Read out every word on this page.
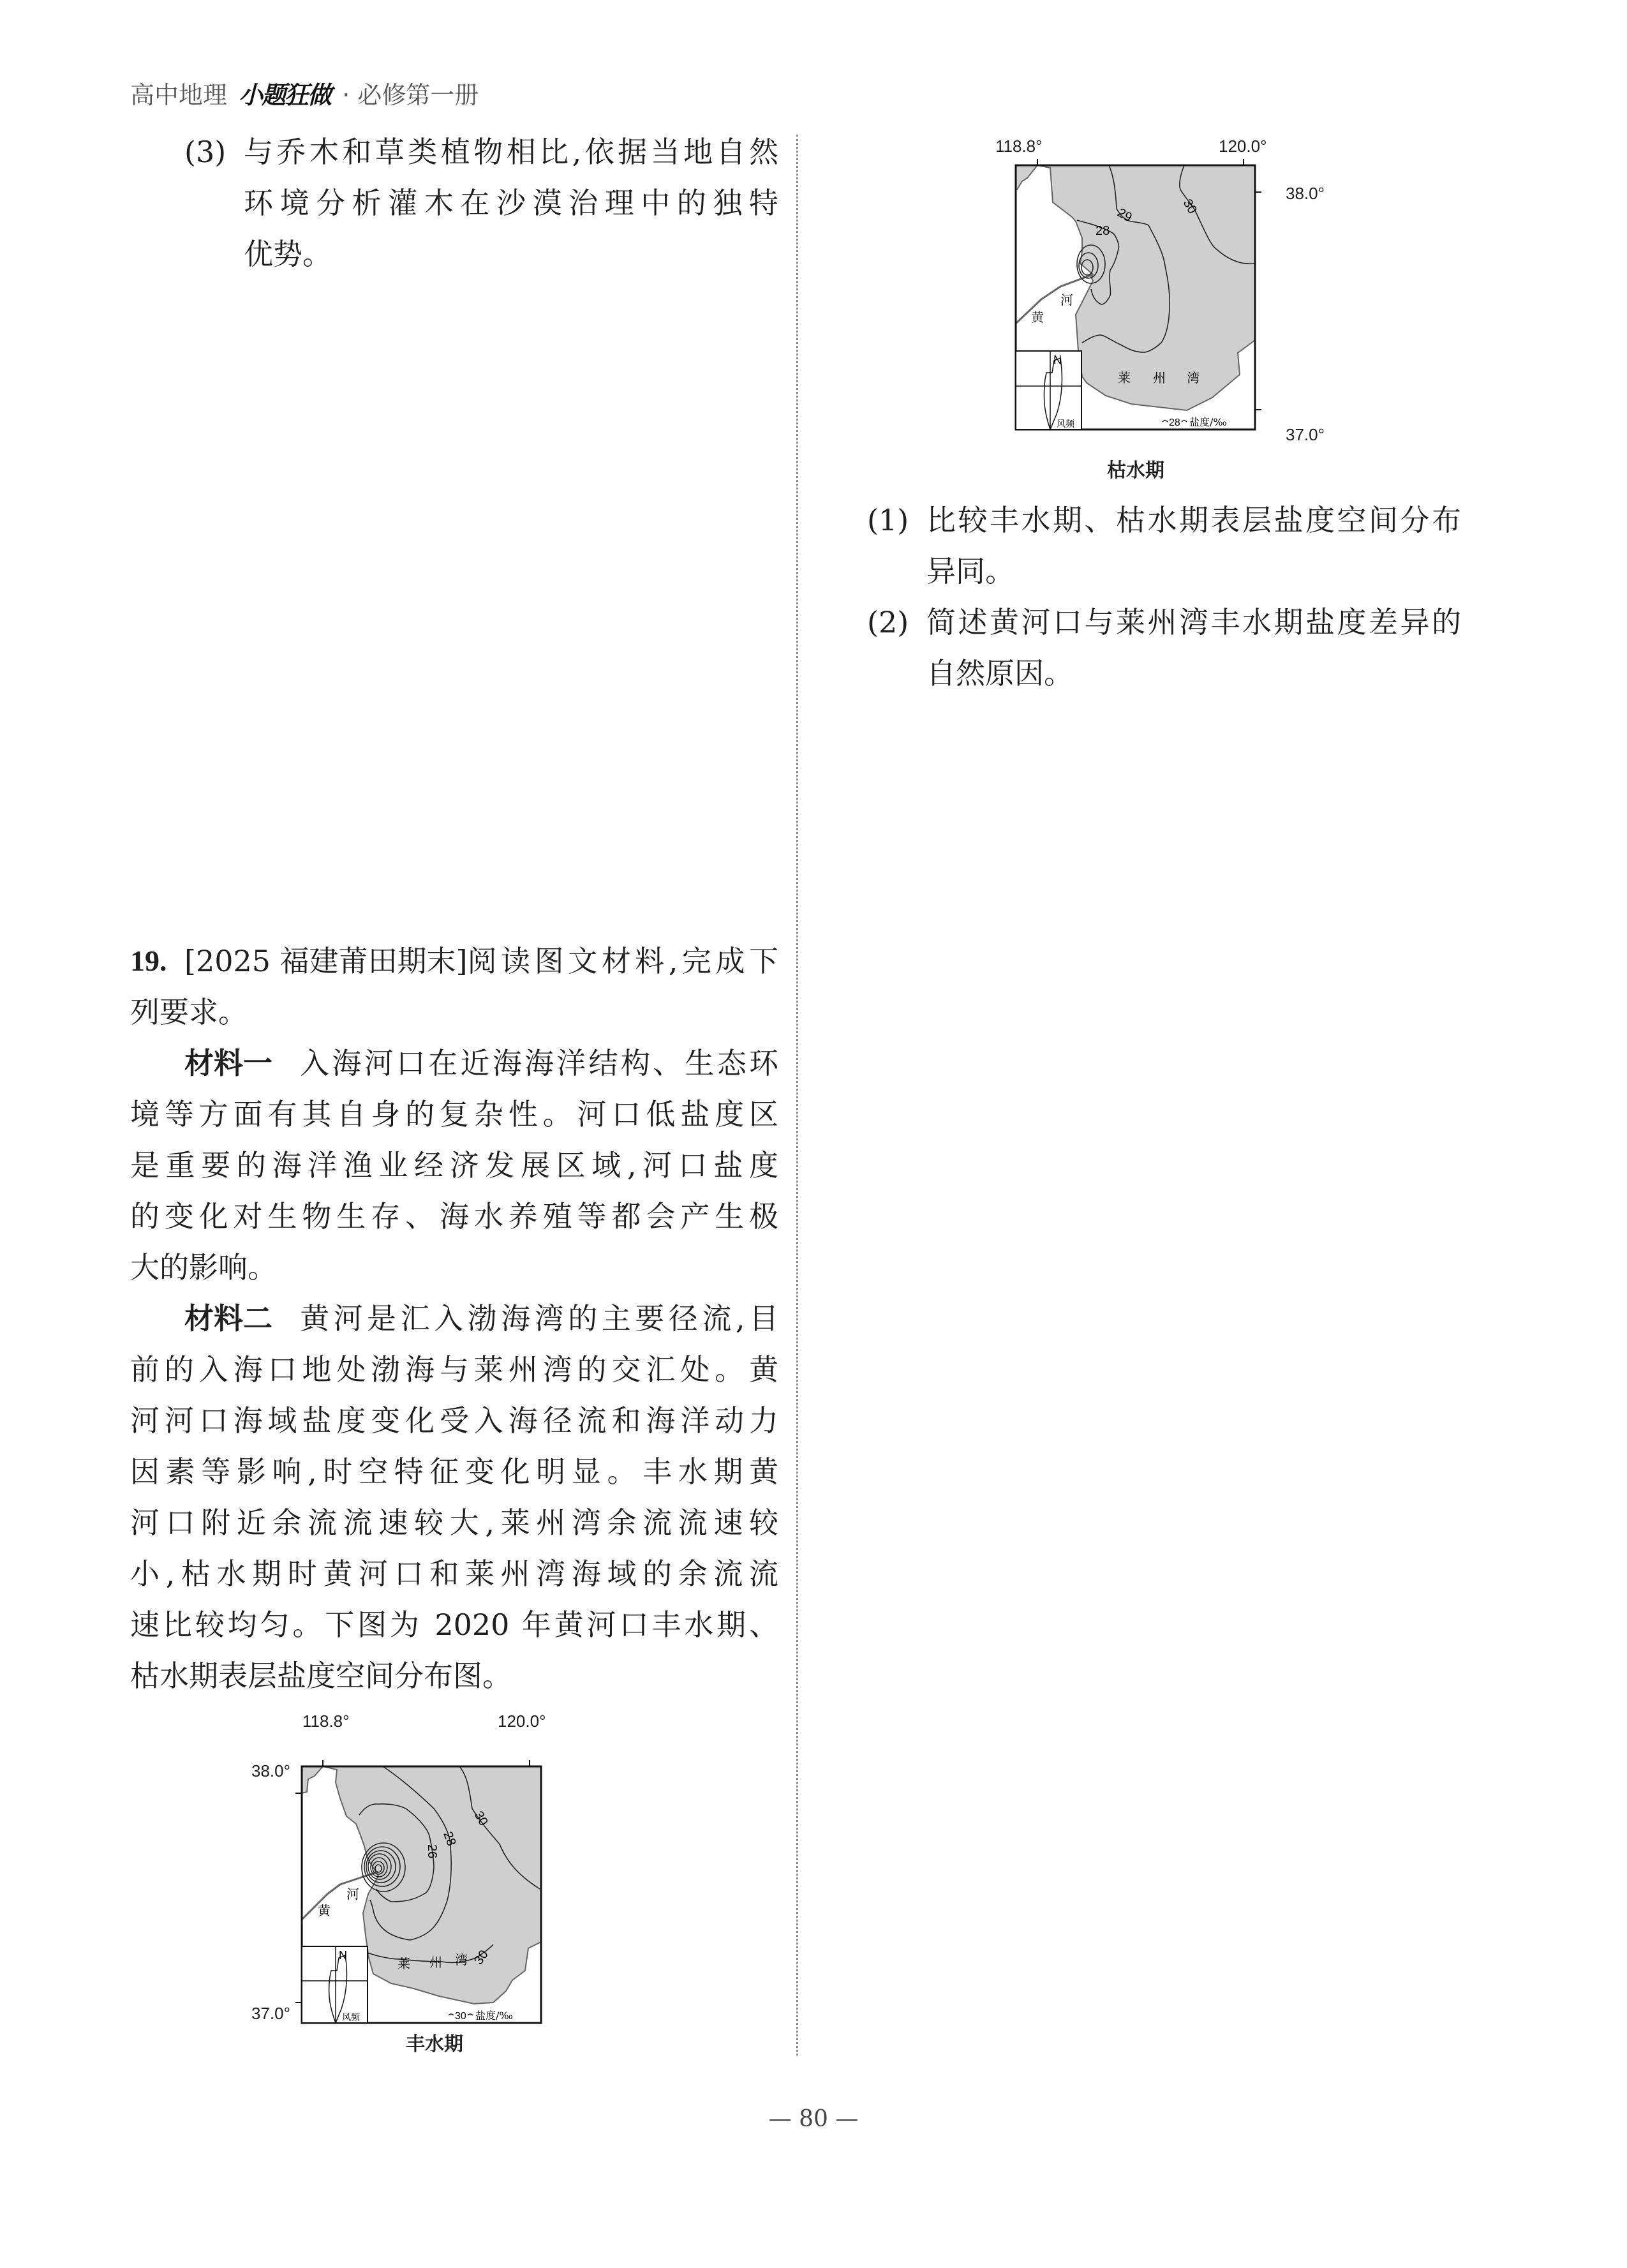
高中地理 小题狂做 · 必修第一册
(3) 与乔木和草类植物相比,依据当地自然
环境分析灌木在沙漠治理中的独特
优势。
19. [2025 福建莆田期末] 阅读图文材料,完成下
列要求。
材料一 入海河口在近海海洋结构、生态环
境等方面有其自身的复杂性。河口低盐度区
是重要的海洋渔业经济发展区域,河口盐度
的变化对生物生存、海水养殖等都会产生极
大的影响。
材料二 黄河是汇入渤海湾的主要径流,目
前的入海口地处渤海与莱州湾的交汇处。黄
河河口海域盐度变化受入海径流和海洋动力
因素等影响,时空特征变化明显。丰水期黄
河口附近余流流速较大,莱州湾余流流速较
小,枯水期时黄河口和莱州湾海域的余流流
速比较均匀。下图为 2020 年黄河口丰水期、
枯水期表层盐度空间分布图。
118.8°	120.0°
38.0°
37.0°
26
28
30
30
黄
河
莱 州 湾
N
风频	30 盐度/‰
丰水期
118.8°	120.0°
38.0°
37.0°
28
29	30
黄
河
莱 州 湾
N
风频	28 盐度/‰
枯水期
(1) 比较丰水期、枯水期表层盐度空间分布
异同。
(2) 简述黄河口与莱州湾丰水期盐度差异的
自然原因。
— 80 —
